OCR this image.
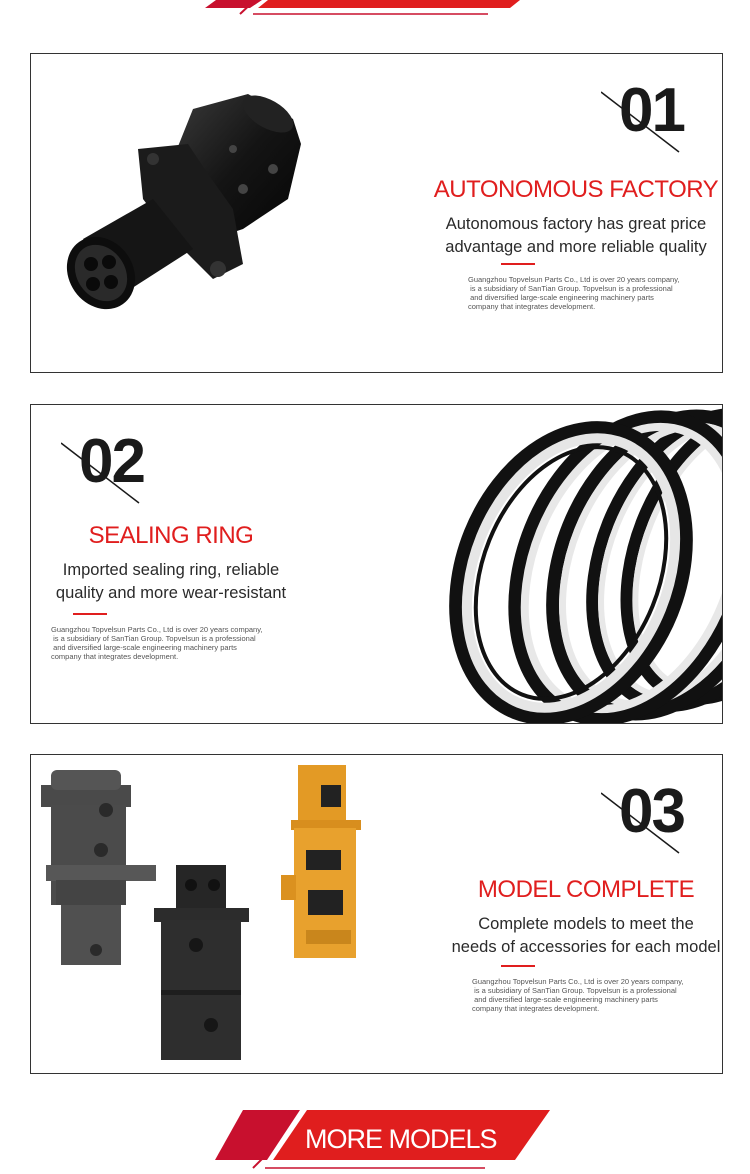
01
AUTONOMOUS FACTORY
Autonomous factory has great price
advantage and more reliable quality
Guangzhou Topvelsun Parts Co., Ltd is over 20 years company,
is a subsidiary of SanTian Group. Topvelsun is a professional
and diversified large-scale engineering machinery parts
company that integrates development.
02
SEALING RING
Imported sealing ring, reliable
quality and more wear-resistant
Guangzhou Topvelsun Parts Co., Ltd is over 20 years company,
is a subsidiary of SanTian Group. Topvelsun is a professional
and diversified large-scale engineering machinery parts
company that integrates development.
03
MODEL COMPLETE
Complete models to meet the
needs of accessories for each model
Guangzhou Topvelsun Parts Co., Ltd is over 20 years company,
is a subsidiary of SanTian Group. Topvelsun is a professional
and diversified large-scale engineering machinery parts
company that integrates development.
MORE MODELS
